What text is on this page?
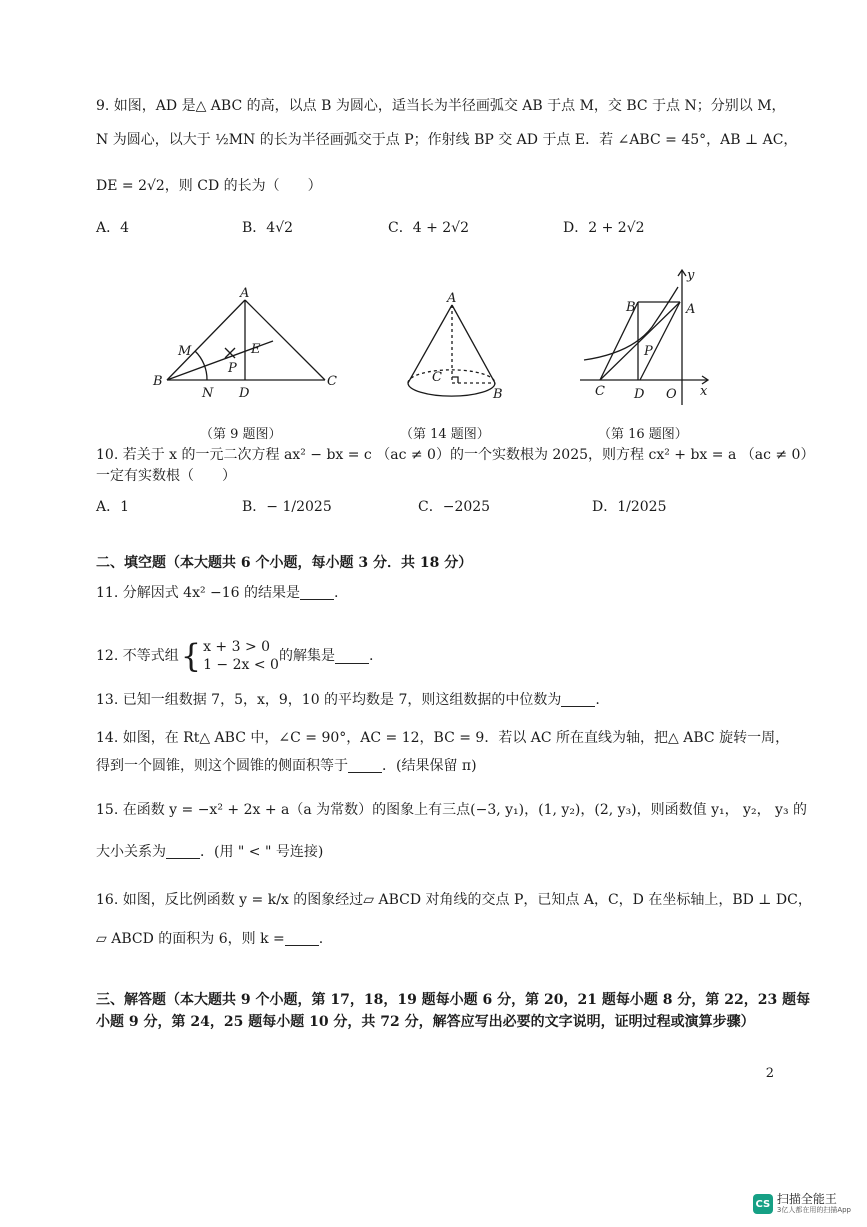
9. 如图，AD 是△ ABC 的高，以点 B 为圆心，适当长为半径画弧交 AB 于点 M，交 BC 于点 N；分别以 M，
N 为圆心，以大于 ½MN 的长为半径画弧交于点 P；作射线 BP 交 AD 于点 E．若 ∠ABC = 45°，AB ⊥ AC，
DE = 2√2，则 CD 的长为（　　）
A．4	B．4√2	C．4 + 2√2	D．2 + 2√2
A
M	E
P
B
N D
C
（第 9 题图）
A
C
B
（第 14 题图）
y
B	A
P
C D O x
（第 16 题图）
10. 若关于 x 的一元二次方程 ax² − bx = c （ac ≠ 0）的一个实数根为 2025，则方程 cx² + bx = a （ac ≠ 0）
一定有实数根（　　）
A．1	B．− 1/2025	C．−2025	D．1/2025
二、填空题（本大题共 6 个小题，每小题 3 分．共 18 分）
11. 分解因式 4x² −16 的结果是 .
12. 不等式组 { x + 3 > 0
1 − 2x < 0
的解集是 .
13. 已知一组数据 7，5，x，9，10 的平均数是 7，则这组数据的中位数为 .
14. 如图，在 Rt△ ABC 中，∠C = 90°，AC = 12，BC = 9．若以 AC 所在直线为轴，把△ ABC 旋转一周，
得到一个圆锥，则这个圆锥的侧面积等于 ．(结果保留 π)
15. 在函数 y = −x² + 2x + a（a 为常数）的图象上有三点(−3, y₁)，(1, y₂)，(2, y₃)，则函数值 y₁， y₂， y₃ 的
大小关系为 ．(用 " < " 号连接)
16. 如图，反比例函数 y = k/x 的图象经过▱ ABCD 对角线的交点 P，已知点 A，C，D 在坐标轴上，BD ⊥ DC，
▱ ABCD 的面积为 6，则 k = .
三、解答题（本大题共 9 个小题，第 17，18，19 题每小题 6 分，第 20，21 题每小题 8 分，第 22，23 题每
小题 9 分，第 24，25 题每小题 10 分，共 72 分，解答应写出必要的文字说明，证明过程或演算步骤）
2
CS 扫描全能王
3亿人都在用的扫描App
